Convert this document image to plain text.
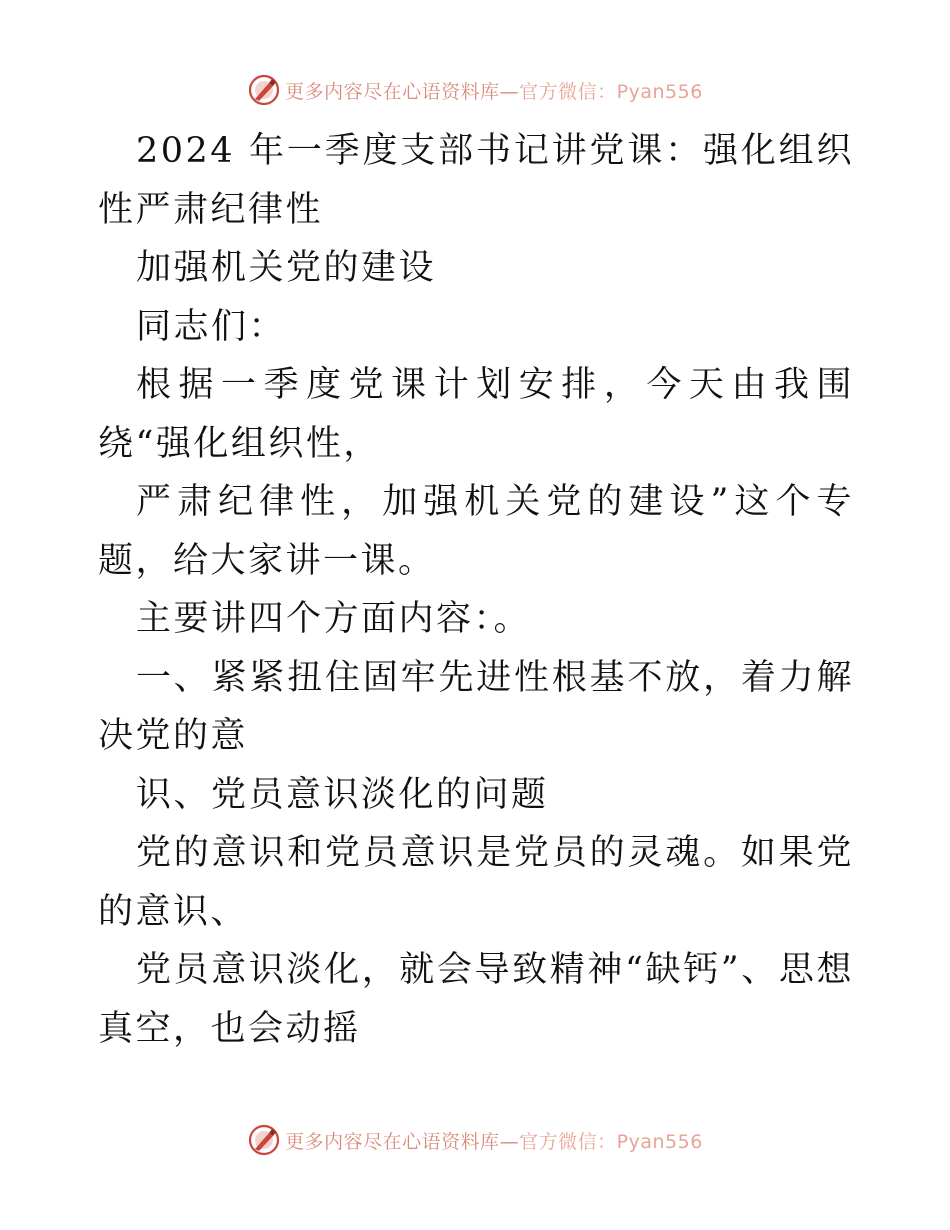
更多内容尽在心语资料库—官方微信：Pyan556

2024 年一季度支部书记讲党课：强化组织性严肃纪律性

加强机关党的建设

同志们：

根据一季度党课计划安排，今天由我围绕“强化组织性，

严肃纪律性，加强机关党的建设”这个专题，给大家讲一课。

主要讲四个方面内容：。

一、紧紧扭住固牢先进性根基不放，着力解决党的意

识、党员意识淡化的问题

党的意识和党员意识是党员的灵魂。如果党的意识、

党员意识淡化，就会导致精神“缺钙”、思想真空，也会动摇

更多内容尽在心语资料库—官方微信：Pyan556
